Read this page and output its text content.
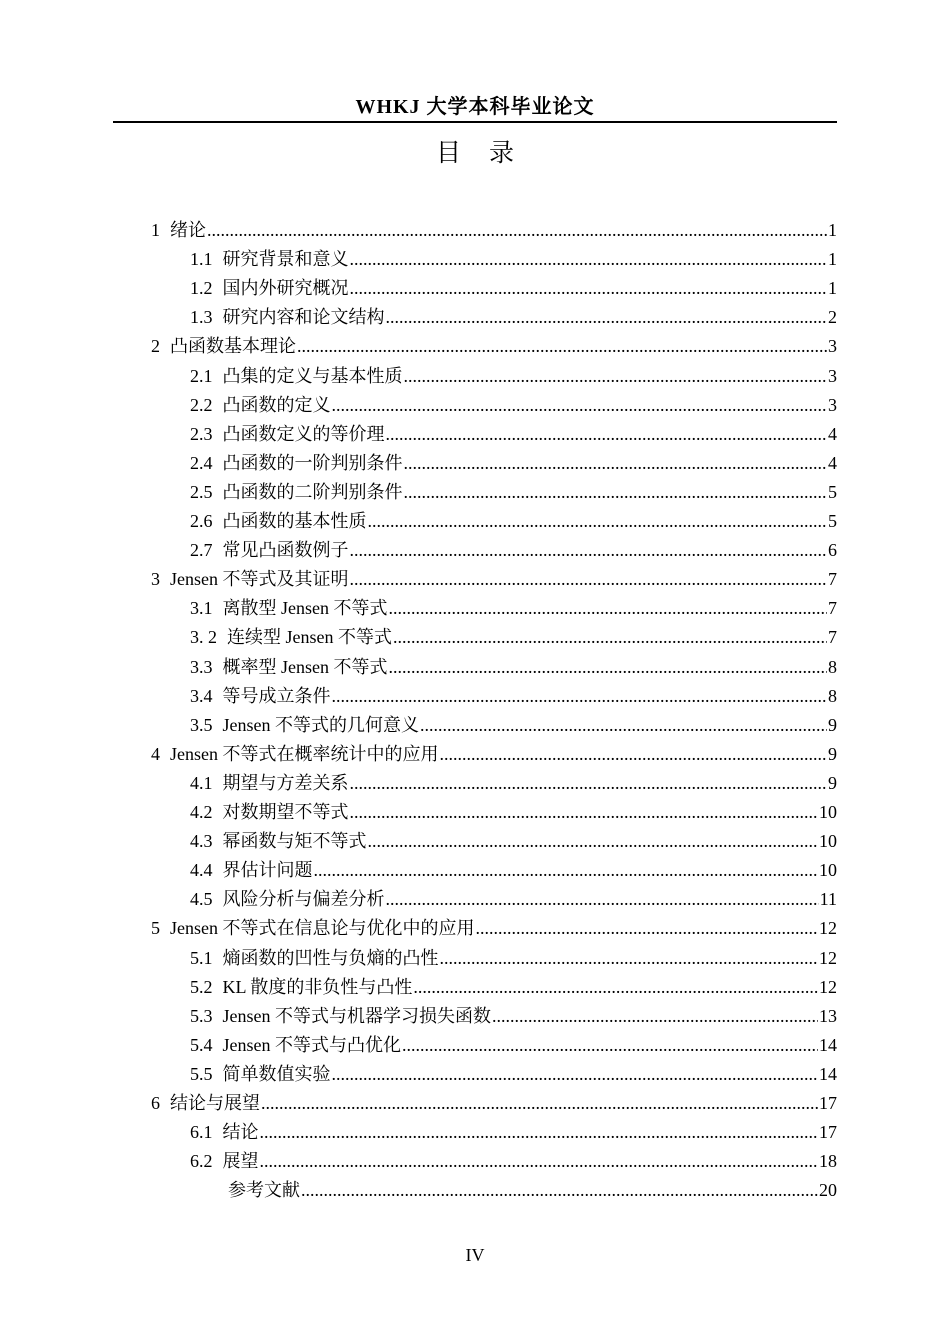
WHKJ 大学本科毕业论文
目录
1 绪论 .....	1
1.1 研究背景和意义 .....	1
1.2 国内外研究概况 .....	1
1.3 研究内容和论文结构 .....	2
2 凸函数基本理论 .....	3
2.1 凸集的定义与基本性质 .....	3
2.2 凸函数的定义 .....	3
2.3 凸函数定义的等价理 .....	4
2.4 凸函数的一阶判别条件 .....	4
2.5 凸函数的二阶判别条件 .....	5
2.6 凸函数的基本性质 .....	5
2.7 常见凸函数例子 .....	6
3 Jensen 不等式及其证明 .....	7
3.1 离散型 Jensen 不等式 .....	7
3. 2 连续型 Jensen 不等式 .....	7
3.3 概率型 Jensen 不等式 .....	8
3.4 等号成立条件 .....	8
3.5 Jensen 不等式的几何意义 .....	9
4 Jensen 不等式在概率统计中的应用 .....	9
4.1 期望与方差关系 .....	9
4.2 对数期望不等式 .....	10
4.3 幂函数与矩不等式 .....	10
4.4 界估计问题 .....	10
4.5 风险分析与偏差分析 .....	11
5 Jensen 不等式在信息论与优化中的应用 .....	12
5.1 熵函数的凹性与负熵的凸性 .....	12
5.2 KL 散度的非负性与凸性 .....	12
5.3 Jensen 不等式与机器学习损失函数 .....	13
5.4 Jensen 不等式与凸优化 .....	14
5.5 简单数值实验 .....	14
6 结论与展望 .....	17
6.1 结论 .....	17
6.2 展望 .....	18
参考文献 .....	20
IV
